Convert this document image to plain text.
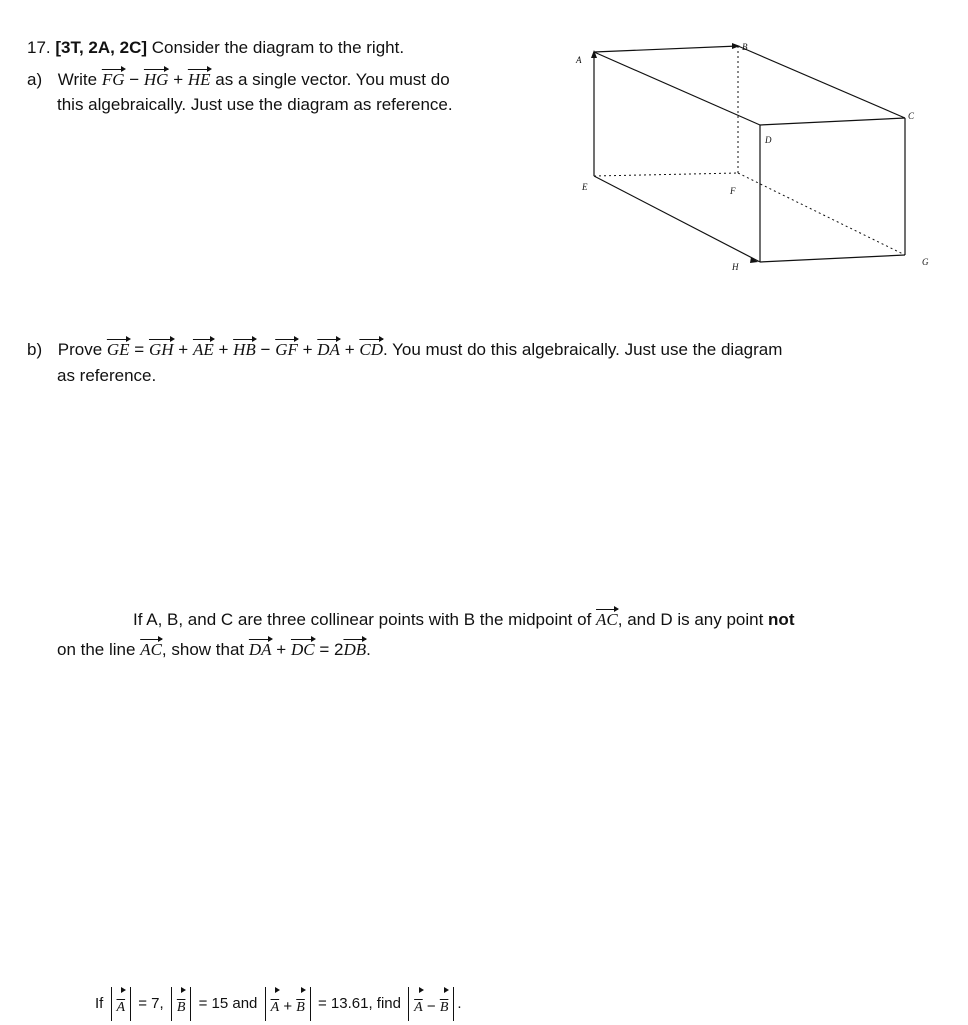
17. [3T, 2A, 2C] Consider the diagram to the right.
a) Write $\overline{FG} - \overline{HG} + \overline{HE}$ as a single vector. You must do
this algebraically. Just use the diagram as reference.
A
B
C
D
E	F
G
H
b) Prove $\overline{GE} = \overline{GH} + \overline{AE} + \overline{HB} - \overline{GF} + \overline{DA} + \overline{CD}$. You must do this algebraically. Just use the diagram
as reference.
If A, B, and C are three collinear points with B the midpoint of $\overline{AC}$, and D is any point not
on the line $\overline{AC}$, show that $\overline{DA} + \overline{DC} = 2\overline{DB}$.
If $\overline{A} = 7$, $\overline{B} = 15$ and $\overline{A} + \overline{B} = 13.61$, find $\overline{A} - \overline{B}$ .
